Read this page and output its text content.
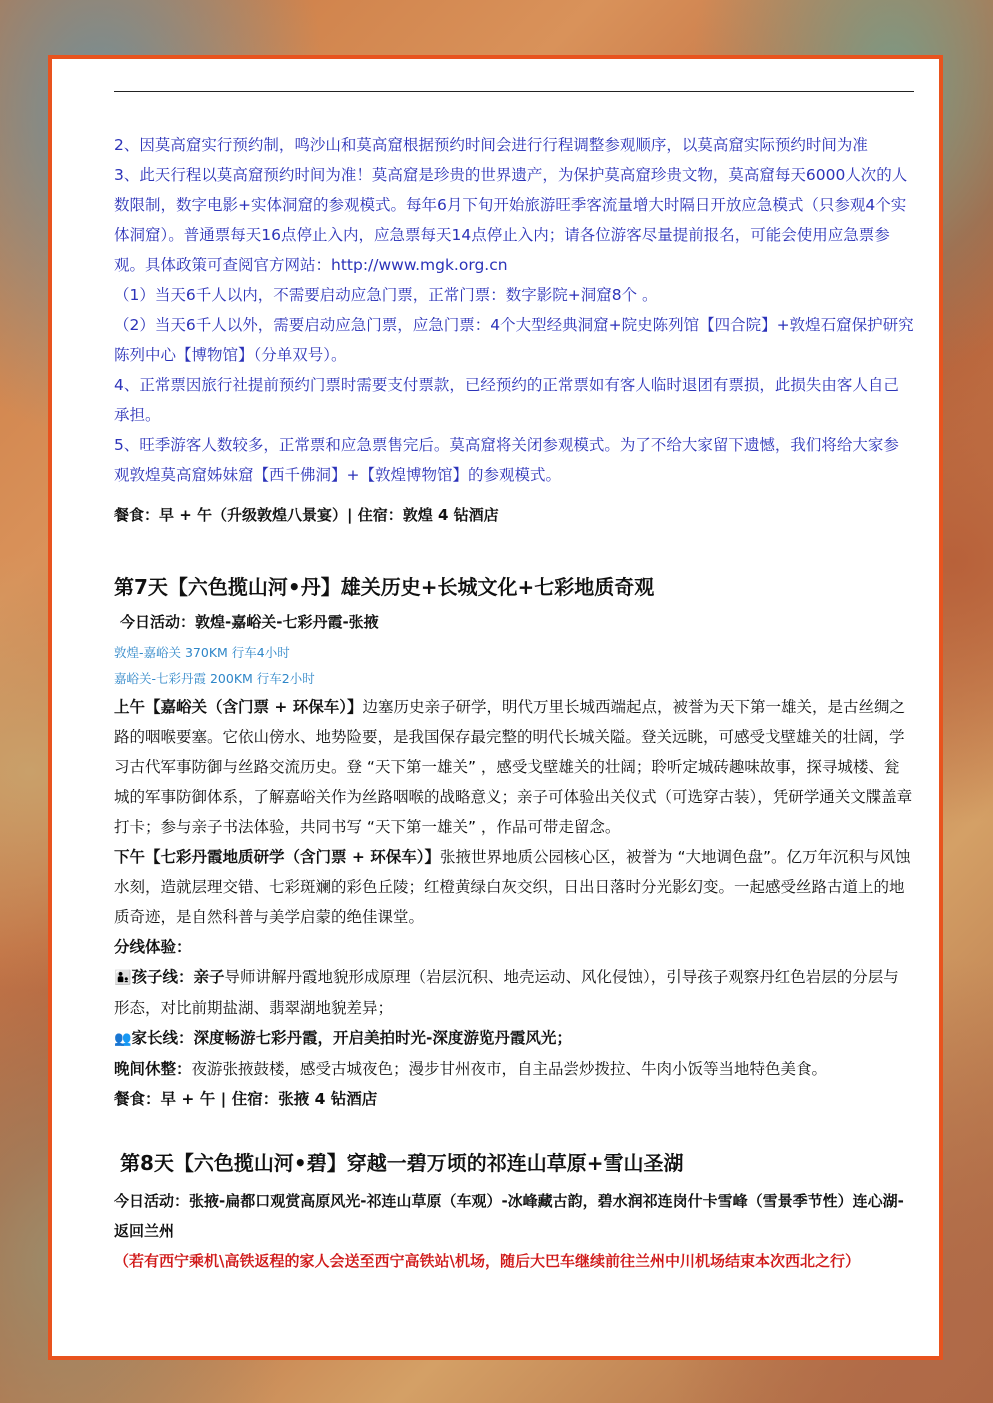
2、因莫高窟实行预约制，鸣沙山和莫高窟根据预约时间会进行行程调整参观顺序，以莫高窟实际预约时间为准

3、此天行程以莫高窟预约时间为准！莫高窟是珍贵的世界遗产，为保护莫高窟珍贵文物，莫高窟每天6000人次的人数限制，数字电影+实体洞窟的参观模式。每年6月下旬开始旅游旺季客流量增大时隔日开放应急模式（只参观4个实体洞窟）。普通票每天16点停止入内，应急票每天14点停止入内；请各位游客尽量提前报名，可能会使用应急票参观。具体政策可查阅官方网站：http://www.mgk.org.cn

（1）当天6千人以内，不需要启动应急门票，正常门票：数字影院+洞窟8个 。

（2）当天6千人以外，需要启动应急门票，应急门票：4个大型经典洞窟+院史陈列馆【四合院】+敦煌石窟保护研究陈列中心【博物馆】（分单双号）。

4、正常票因旅行社提前预约门票时需要支付票款，已经预约的正常票如有客人临时退团有票损，此损失由客人自己承担。

5、旺季游客人数较多，正常票和应急票售完后。莫高窟将关闭参观模式。为了不给大家留下遗憾，我们将给大家参观敦煌莫高窟姊妹窟【西千佛洞】+【敦煌博物馆】的参观模式。

餐食：早 + 午（升级敦煌八景宴）| 住宿：敦煌 4 钻酒店
第7天【六色揽山河•丹】雄关历史+长城文化+七彩地质奇观
今日活动：敦煌-嘉峪关-七彩丹霞-张掖
敦煌-嘉峪关 370KM 行车4小时
嘉峪关-七彩丹霞 200KM 行车2小时

上午【嘉峪关（含门票 + 环保车）】边塞历史亲子研学，明代万里长城西端起点，被誉为天下第一雄关，是古丝绸之路的咽喉要塞。它依山傍水、地势险要，是我国保存最完整的明代长城关隘。登关远眺，可感受戈壁雄关的壮阔，学习古代军事防御与丝路交流历史。登 “天下第一雄关” ，感受戈壁雄关的壮阔；聆听定城砖趣味故事，探寻城楼、瓮城的军事防御体系，了解嘉峪关作为丝路咽喉的战略意义；亲子可体验出关仪式（可选穿古装），凭研学通关文牒盖章打卡；参与亲子书法体验，共同书写 “天下第一雄关” ，作品可带走留念。

下午【七彩丹霞地质研学（含门票 + 环保车）】张掖世界地质公园核心区，被誉为 “大地调色盘”。亿万年沉积与风蚀水刻，造就层理交错、七彩斑斓的彩色丘陵；红橙黄绿白灰交织，日出日落时分光影幻变。一起感受丝路古道上的地质奇迹，是自然科普与美学启蒙的绝佳课堂。

分线体验：

👨‍👦孩子线：亲子导师讲解丹霞地貌形成原理（岩层沉积、地壳运动、风化侵蚀），引导孩子观察丹红色岩层的分层与形态，对比前期盐湖、翡翠湖地貌差异；

👥家长线：深度畅游七彩丹霞，开启美拍时光-深度游览丹霞风光；

晚间休整：夜游张掖鼓楼，感受古城夜色；漫步甘州夜市，自主品尝炒拨拉、牛肉小饭等当地特色美食。

餐食：早 + 午 | 住宿：张掖 4 钻酒店

第8天【六色揽山河•碧】穿越一碧万顷的祁连山草原+雪山圣湖
今日活动：张掖-扁都口观赏高原风光-祁连山草原（车观）-冰峰藏古韵，碧水润祁连岗什卡雪峰（雪景季节性）连心湖-返回兰州（若有西宁乘机\高铁返程的家人会送至西宁高铁站\机场，随后大巴车继续前往兰州中川机场结束本次西北之行）
